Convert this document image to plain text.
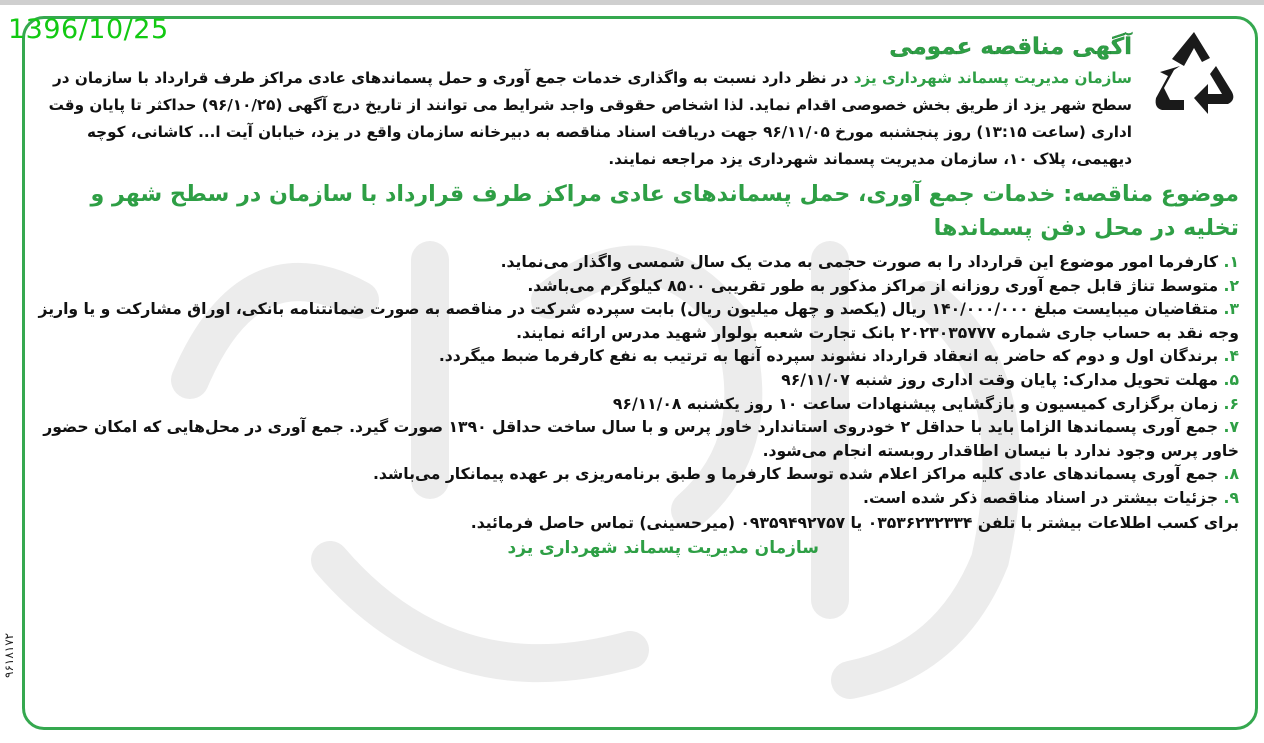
1396/10/25
۹۶۱۸۱۷۲
آگهی مناقصه عمومی
سازمان مدیریت پسماند شهرداری یزد در نظر دارد نسبت به واگذاری خدمات جمع آوری و حمل پسماندهای عادی مراکز طرف قرارداد با سازمان در سطح شهر یزد از طریق بخش خصوصی اقدام نماید. لذا اشخاص حقوقی واجد شرایط می توانند از تاریخ درج آگهی (۹۶/۱۰/۲۵) حداکثر تا پایان وقت اداری (ساعت ۱۳:۱۵) روز پنجشنبه مورخ ۹۶/۱۱/۰۵ جهت دریافت اسناد مناقصه به دبیرخانه سازمان واقع در یزد، خیابان آیت ا... کاشانی، کوچه دیهیمی، پلاک ۱۰، سازمان مدیریت پسماند شهرداری یزد مراجعه نمایند.
موضوع مناقصه: خدمات جمع آوری، حمل پسماندهای عادی مراکز طرف قرارداد با سازمان در سطح شهر و تخلیه در محل دفن پسماندها
۱. کارفرما امور موضوع این قرارداد را به صورت حجمی به مدت یک سال شمسی واگذار می‌نماید.
۲. متوسط تناژ قابل جمع آوری روزانه از مراکز مذکور به طور تقریبی ۸۵۰۰ کیلوگرم می‌باشد.
۳. متقاضیان میبایست مبلغ ۱۴۰/۰۰۰/۰۰۰ ریال (یکصد و چهل میلیون ریال) بابت سپرده شرکت در مناقصه به صورت ضمانتنامه بانکی، اوراق مشارکت و یا واریز وجه نقد به حساب جاری شماره ۲۰۲۳۰۳۵۷۷۷ بانک تجارت شعبه بولوار شهید مدرس ارائه نمایند.
۴. برندگان اول و دوم که حاضر به انعقاد قرارداد نشوند سپرده آنها به ترتیب به نفع کارفرما ضبط میگردد.
۵. مهلت تحویل مدارک: پایان وقت اداری روز شنبه ۹۶/۱۱/۰۷
۶. زمان برگزاری کمیسیون و بازگشایی پیشنهادات ساعت ۱۰ روز یکشنبه ۹۶/۱۱/۰۸
۷. جمع آوری پسماندها الزاما باید با حداقل ۲ خودروی استاندارد خاور پرس و با سال ساخت حداقل ۱۳۹۰ صورت گیرد. جمع آوری در محل‌هایی که امکان حضور خاور پرس وجود ندارد با نیسان اطاقدار روبسته انجام می‌شود.
۸. جمع آوری پسماندهای عادی کلیه مراکز اعلام شده توسط کارفرما و طبق برنامه‌ریزی بر عهده پیمانکار می‌باشد.
۹. جزئیات بیشتر در اسناد مناقصه ذکر شده است.
برای کسب اطلاعات بیشتر با تلفن ۰۳۵۳۶۲۳۲۳۳۴ یا ۰۹۳۵۹۴۹۲۷۵۷ (میرحسینی) تماس حاصل فرمائید.
سازمان مدیریت پسماند شهرداری یزد
